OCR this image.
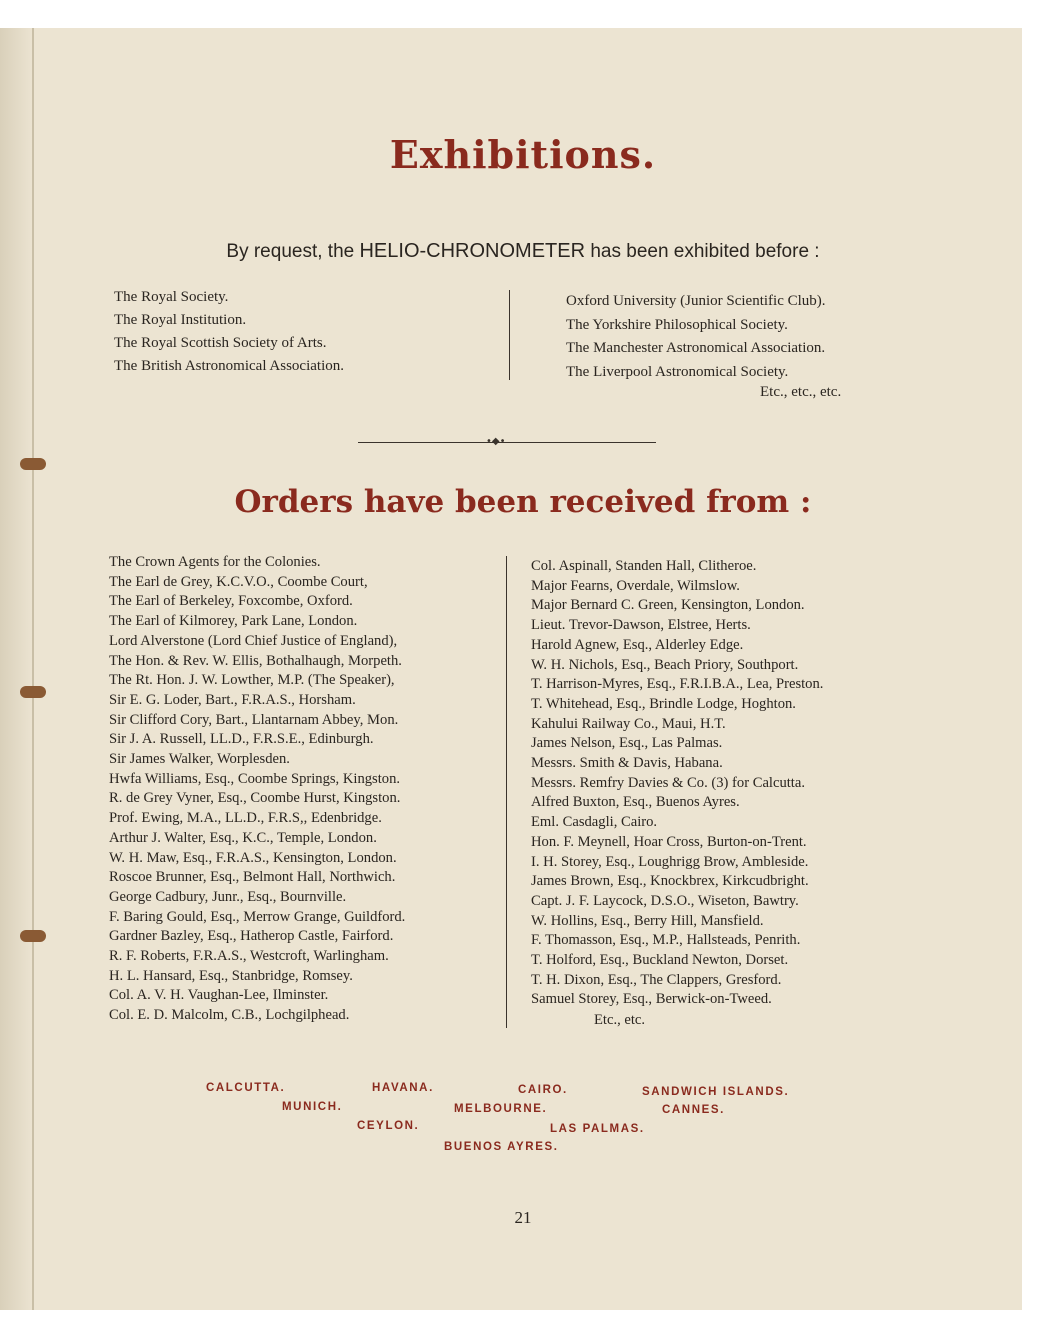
Exhibitions.
By request, the HELIO-CHRONOMETER has been exhibited before :
The Royal Society.
The Royal Institution.
The Royal Scottish Society of Arts.
The British Astronomical Association.
Oxford University (Junior Scientific Club).
The Yorkshire Philosophical Society.
The Manchester Astronomical Association.
The Liverpool Astronomical Society.
Etc., etc., etc.
•◆•
Orders have been received from :
The Crown Agents for the Colonies.
The Earl de Grey, K.C.V.O., Coombe Court,
The Earl of Berkeley, Foxcombe, Oxford.
The Earl of Kilmorey, Park Lane, London.
Lord Alverstone (Lord Chief Justice of England),
The Hon. & Rev. W. Ellis, Bothalhaugh, Morpeth.
The Rt. Hon. J. W. Lowther, M.P. (The Speaker),
Sir E. G. Loder, Bart., F.R.A.S., Horsham.
Sir Clifford Cory, Bart., Llantarnam Abbey, Mon.
Sir J. A. Russell, LL.D., F.R.S.E., Edinburgh.
Sir James Walker, Worplesden.
Hwfa Williams, Esq., Coombe Springs, Kingston.
R. de Grey Vyner, Esq., Coombe Hurst, Kingston.
Prof. Ewing, M.A., LL.D., F.R.S,, Edenbridge.
Arthur J. Walter, Esq., K.C., Temple, London.
W. H. Maw, Esq., F.R.A.S., Kensington, London.
Roscoe Brunner, Esq., Belmont Hall, Northwich.
George Cadbury, Junr., Esq., Bournville.
F. Baring Gould, Esq., Merrow Grange, Guildford.
Gardner Bazley, Esq., Hatherop Castle, Fairford.
R. F. Roberts, F.R.A.S., Westcroft, Warlingham.
H. L. Hansard, Esq., Stanbridge, Romsey.
Col. A. V. H. Vaughan-Lee, Ilminster.
Col. E. D. Malcolm, C.B., Lochgilphead.
Col. Aspinall, Standen Hall, Clitheroe.
Major Fearns, Overdale, Wilmslow.
Major Bernard C. Green, Kensington, London.
Lieut. Trevor-Dawson, Elstree, Herts.
Harold Agnew, Esq., Alderley Edge.
W. H. Nichols, Esq., Beach Priory, Southport.
T. Harrison-Myres, Esq., F.R.I.B.A., Lea, Preston.
T. Whitehead, Esq., Brindle Lodge, Hoghton.
Kahului Railway Co., Maui, H.T.
James Nelson, Esq., Las Palmas.
Messrs. Smith & Davis, Habana.
Messrs. Remfry Davies & Co. (3) for Calcutta.
Alfred Buxton, Esq., Buenos Ayres.
Eml. Casdagli, Cairo.
Hon. F. Meynell, Hoar Cross, Burton-on-Trent.
I. H. Storey, Esq., Loughrigg Brow, Ambleside.
James Brown, Esq., Knockbrex, Kirkcudbright.
Capt. J. F. Laycock, D.S.O., Wiseton, Bawtry.
W. Hollins, Esq., Berry Hill, Mansfield.
F. Thomasson, Esq., M.P., Hallsteads, Penrith.
T. Holford, Esq., Buckland Newton, Dorset.
T. H. Dixon, Esq., The Clappers, Gresford.
Samuel Storey, Esq., Berwick-on-Tweed.
Etc., etc.
CALCUTTA.	HAVANA.	CAIRO.	SANDWICH ISLANDS.
MUNICH.	MELBOURNE.	CANNES.
CEYLON.	LAS PALMAS.
BUENOS AYRES.
21
